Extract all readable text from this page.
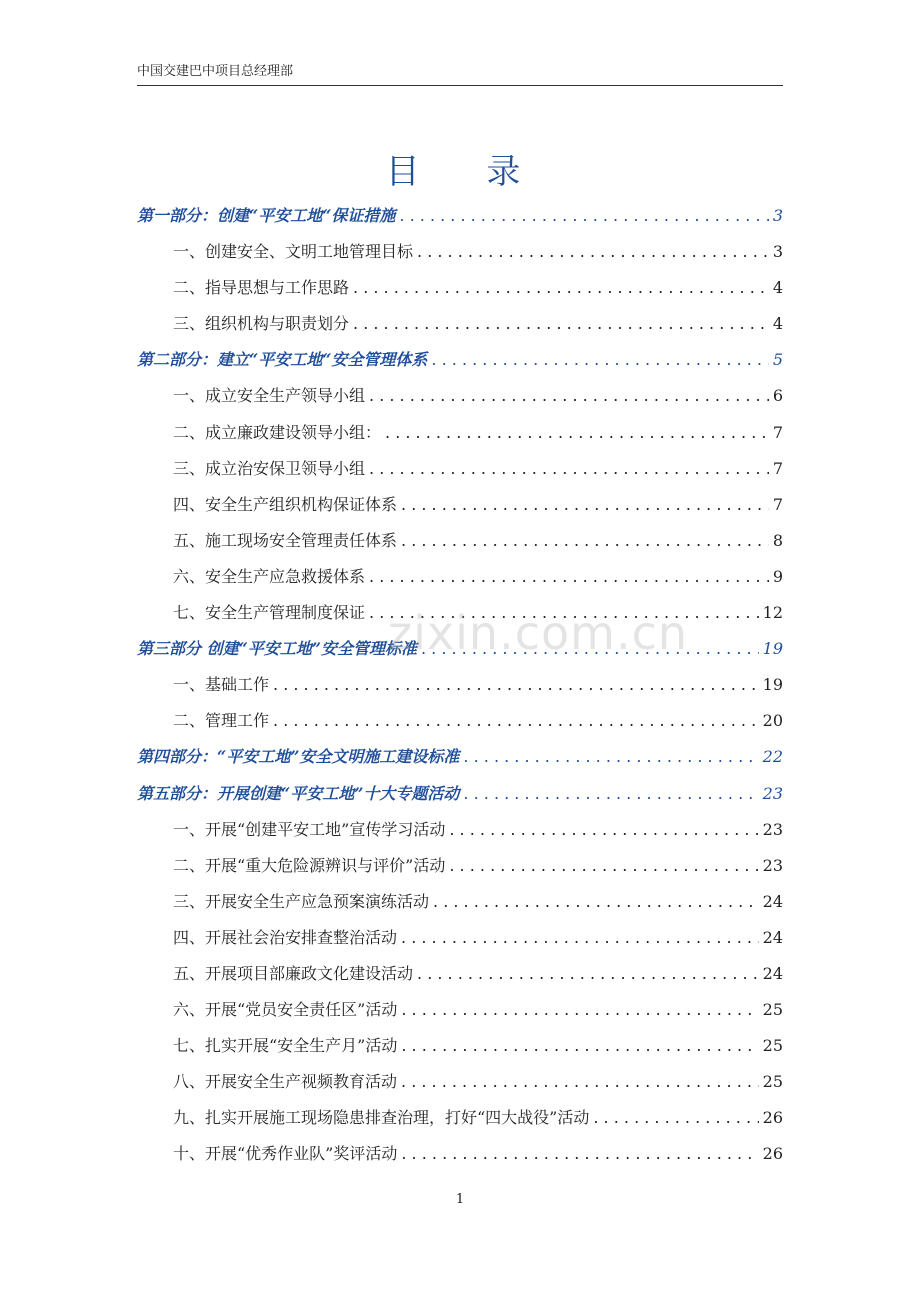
中国交建巴中项目总经理部
目 录
第一部分：创建“平安工地“保证措施 . . .	3
一、创建安全、文明工地管理目标 . . .	3
二、指导思想与工作思路 . . .	4
三、组织机构与职责划分 . . .	4
第二部分：建立“平安工地“安全管理体系 . . .	5
一、成立安全生产领导小组 . . .	6
二、成立廉政建设领导小组： . . .	7
三、成立治安保卫领导小组 . . .	7
四、安全生产组织机构保证体系 . . .	7
五、施工现场安全管理责任体系 . . .	8
六、安全生产应急救援体系 . . .	9
七、安全生产管理制度保证 . . .	12
第三部分 创建“平安工地”安全管理标准 . . .	19
一、基础工作 . . .	19
二、管理工作 . . .	20
第四部分：“平安工地”安全文明施工建设标准 . . .	22
第五部分：开展创建“平安工地”十大专题活动 . . .	23
一、开展“创建平安工地”宣传学习活动 . . .	23
二、开展“重大危险源辨识与评价”活动 . . .	23
三、开展安全生产应急预案演练活动 . . .	24
四、开展社会治安排查整治活动 . . .	24
五、开展项目部廉政文化建设活动 . . .	24
六、开展“党员安全责任区”活动 . . .	25
七、扎实开展“安全生产月”活动 . . .	25
八、开展安全生产视频教育活动 . . .	25
九、扎实开展施工现场隐患排查治理，打好“四大战役”活动 . . .	26
十、开展“优秀作业队”奖评活动 . . .	26
zixin.com.cn
1
